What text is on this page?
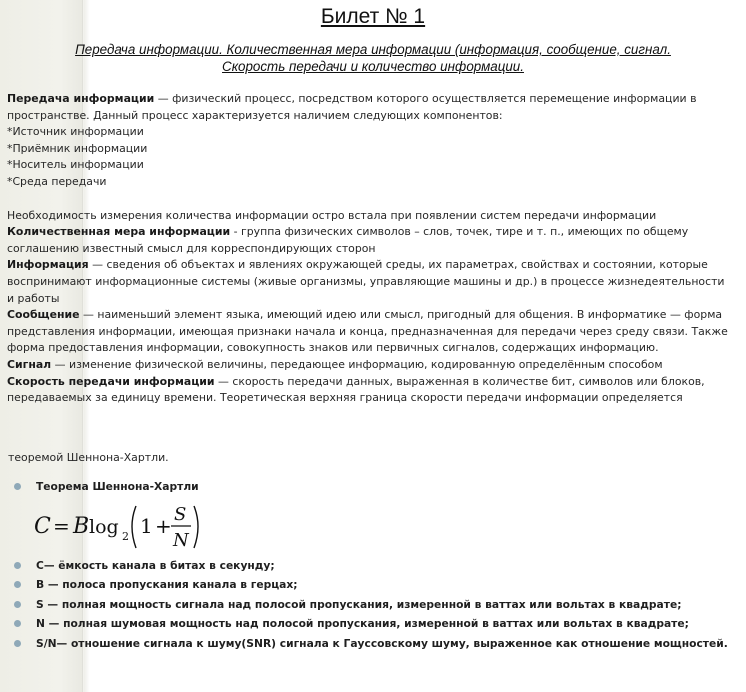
Билет № 1
Передача информации. Количественная мера информации (информация, сообщение, сигнал.
Скорость передачи и количество информации.

Передача информации — физический процесс, посредством которого осуществляется перемещение информации в пространстве. Данный процесс характеризуется наличием следующих компонентов:

*Источник информации

*Приёмник информации

*Носитель информации

*Среда передачи

Необходимость измерения количества информации остро встала при появлении систем передачи информации

Количественная мера информации - группа физических символов – слов, точек, тире и т. п., имеющих по общему соглашению известный смысл для корреспондирующих сторон

Информация — сведения об объектах и явлениях окружающей среды, их параметрах, свойствах и состоянии, которые воспринимают информационные системы (живые организмы, управляющие машины и др.) в процессе жизнедеятельности и работы

Сообщение — наименьший элемент языка, имеющий идею или смысл, пригодный для общения. В информатике — форма представления информации, имеющая признаки начала и конца, предназначенная для передачи через среду связи. Также форма предоставления информации, совокупность знаков или первичных сигналов, содержащих информацию.

Сигнал — изменение физической величины, передающее информацию, кодированную определённым способом

Скорость передачи информации — скорость передачи данных, выраженная в количестве бит, символов или блоков, передаваемых за единицу времени. Теоретическая верхняя граница скорости передачи информации определяется

теоремой Шеннона-Хартли.
Теорема Шеннона-Хартли
C = B log 2 1 + S
N
C— ёмкость канала в битах в секунду;
B — полоса пропускания канала в герцах;
S — полная мощность сигнала над полосой пропускания, измеренной в ваттах или вольтах в квадрате;
N — полная шумовая мощность над полосой пропускания, измеренной в ваттах или вольтах в квадрате;
S/N— отношение сигнала к шуму(SNR) сигнала к Гауссовскому шуму, выраженное как отношение мощностей.
